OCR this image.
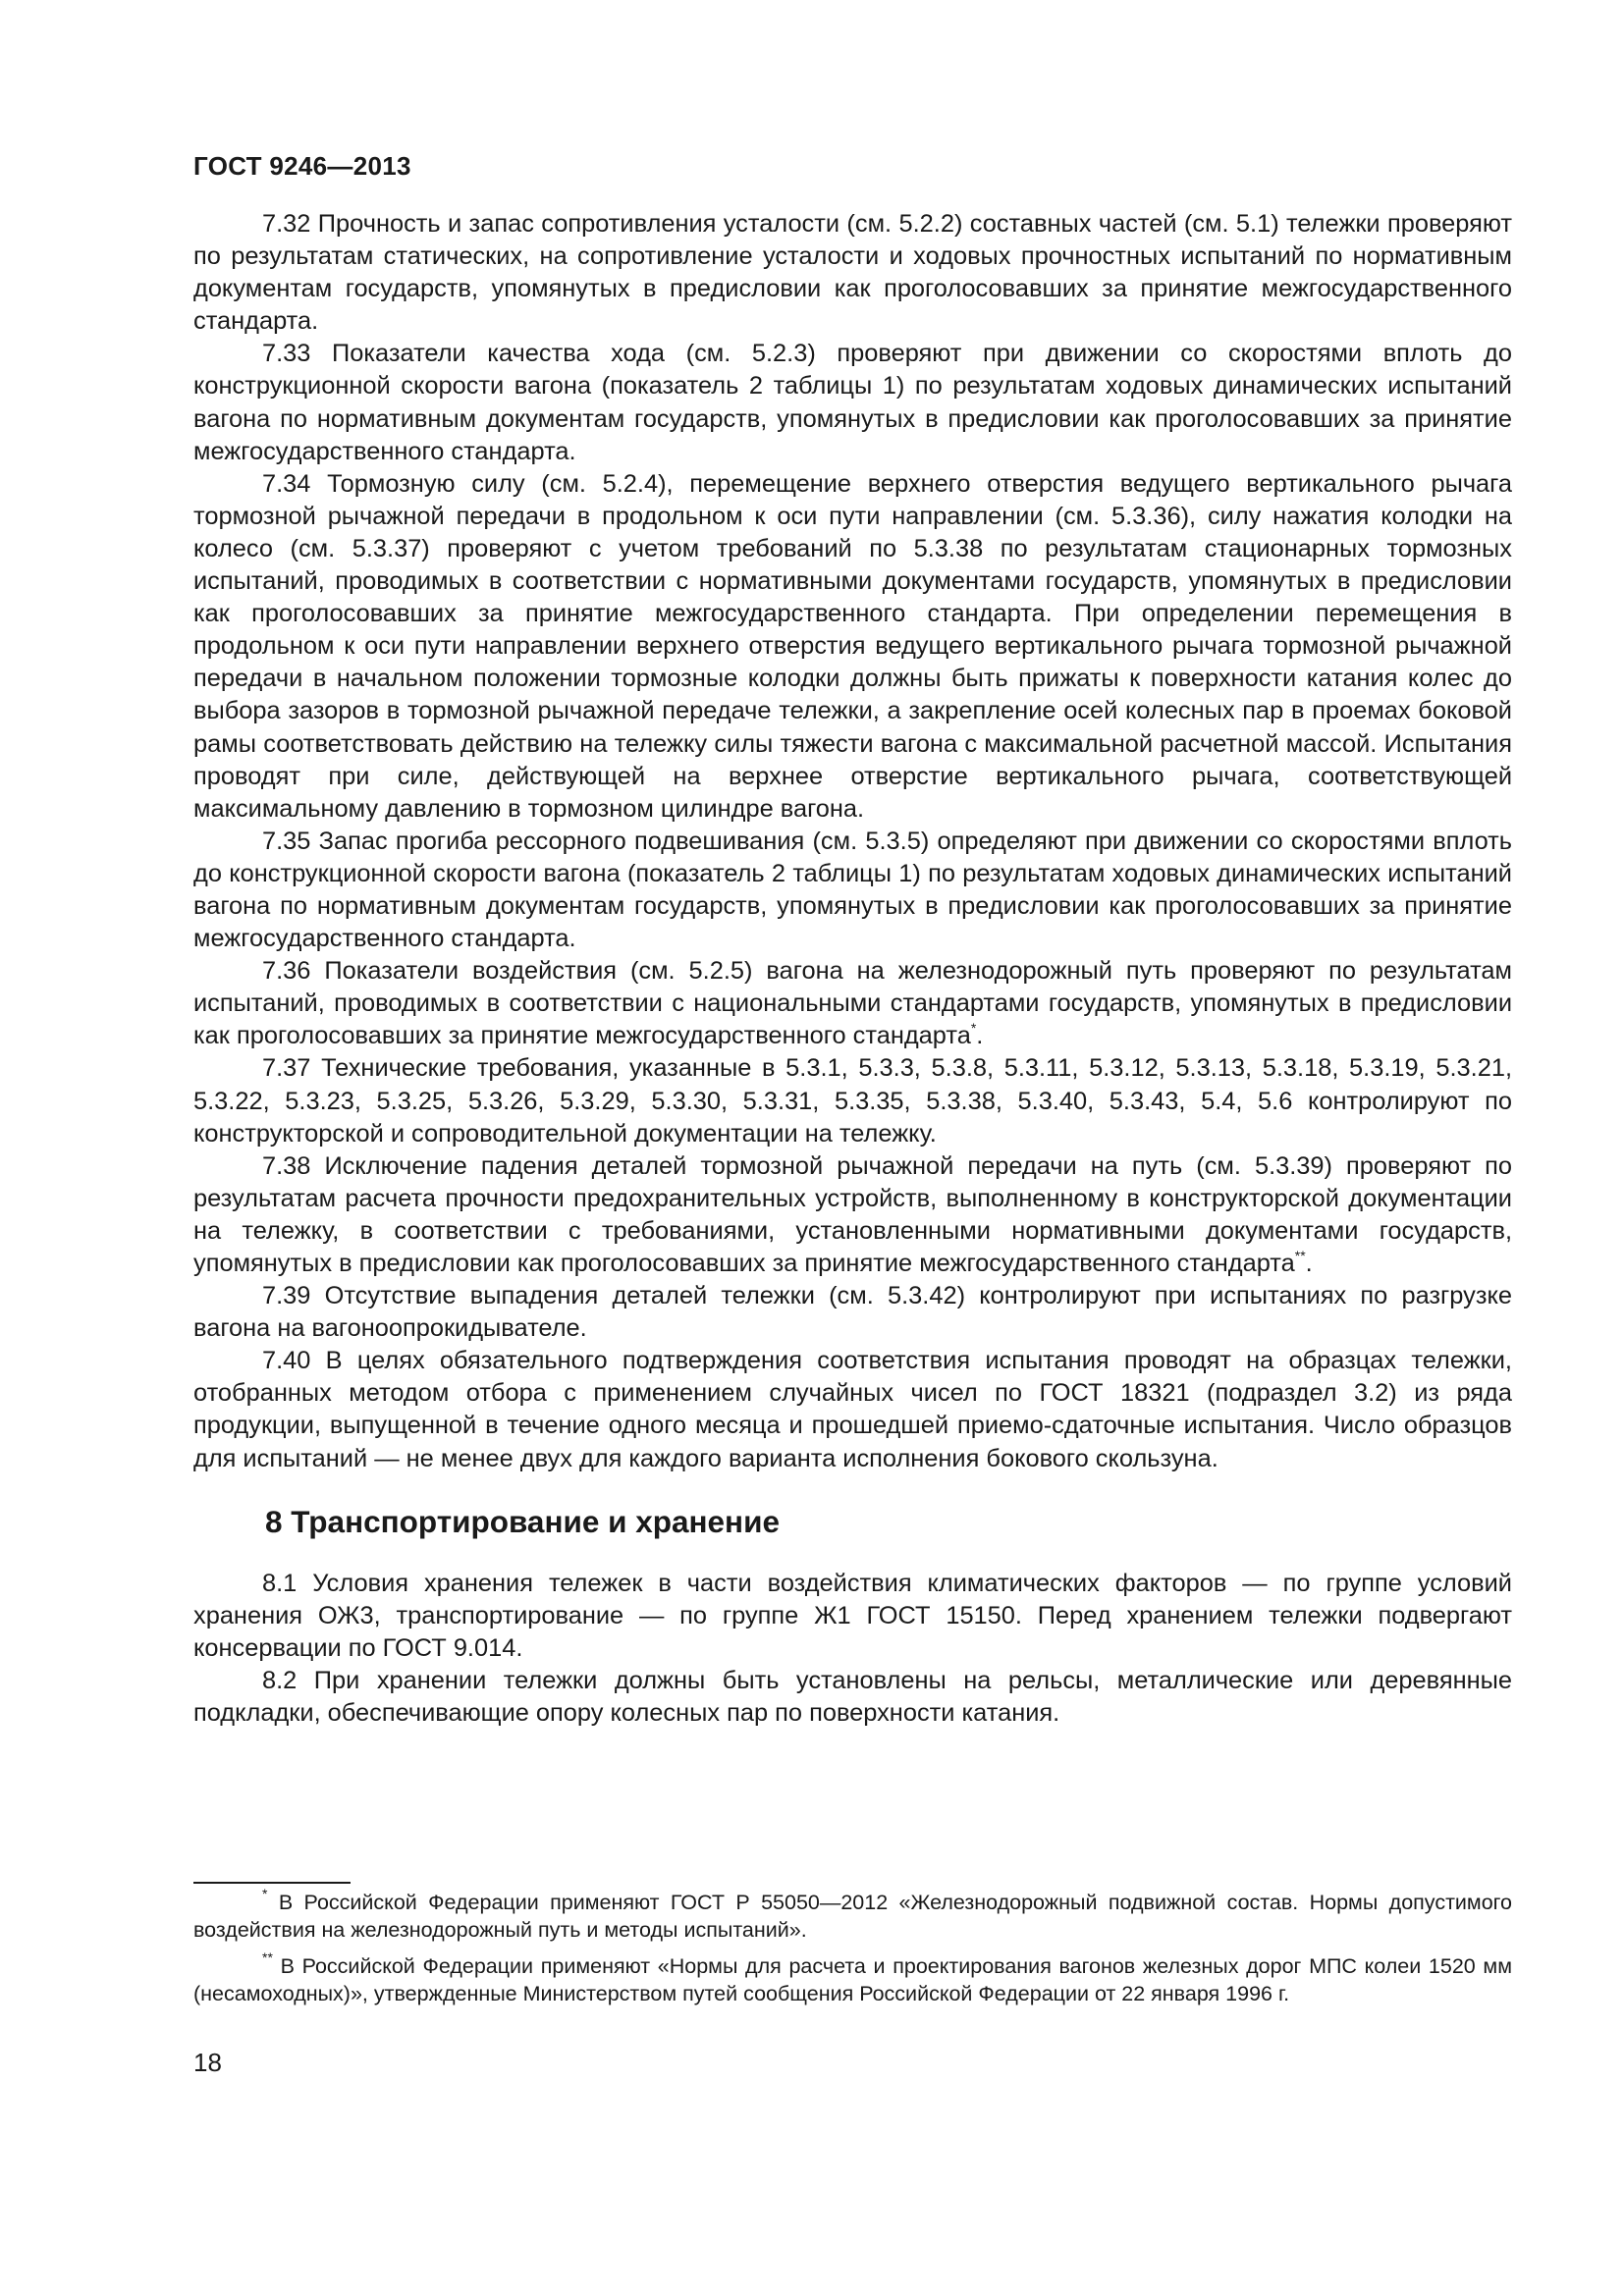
ГОСТ 9246—2013

7.32 Прочность и запас сопротивления усталости (см. 5.2.2) составных частей (см. 5.1) тележки проверяют по результатам статических, на сопротивление усталости и ходовых прочностных испытаний по нормативным документам государств, упомянутых в предисловии как проголосовавших за принятие межгосударственного стандарта.

7.33 Показатели качества хода (см. 5.2.3) проверяют при движении со скоростями вплоть до конструкционной скорости вагона (показатель 2 таблицы 1) по результатам ходовых динамических испытаний вагона по нормативным документам государств, упомянутых в предисловии как проголосовавших за принятие межгосударственного стандарта.

7.34 Тормозную силу (см. 5.2.4), перемещение верхнего отверстия ведущего вертикального рычага тормозной рычажной передачи в продольном к оси пути направлении (см. 5.3.36), силу нажатия колодки на колесо (см. 5.3.37) проверяют с учетом требований по 5.3.38 по результатам стационарных тормозных испытаний, проводимых в соответствии с нормативными документами государств, упомянутых в предисловии как проголосовавших за принятие межгосударственного стандарта. При определении перемещения в продольном к оси пути направлении верхнего отверстия ведущего вертикального рычага тормозной рычажной передачи в начальном положении тормозные колодки должны быть прижаты к поверхности катания колес до выбора зазоров в тормозной рычажной передаче тележки, а закрепление осей колесных пар в проемах боковой рамы соответствовать действию на тележку силы тяжести вагона с максимальной расчетной массой. Испытания проводят при силе, действующей на верхнее отверстие вертикального рычага, соответствующей максимальному давлению в тормозном цилиндре вагона.

7.35 Запас прогиба рессорного подвешивания (см. 5.3.5) определяют при движении со скоростями вплоть до конструкционной скорости вагона (показатель 2 таблицы 1) по результатам ходовых динамических испытаний вагона по нормативным документам государств, упомянутых в предисловии как проголосовавших за принятие межгосударственного стандарта.

7.36 Показатели воздействия (см. 5.2.5) вагона на железнодорожный путь проверяют по результатам испытаний, проводимых в соответствии с национальными стандартами государств, упомянутых в предисловии как проголосовавших за принятие межгосударственного стандарта*.

7.37 Технические требования, указанные в 5.3.1, 5.3.3, 5.3.8, 5.3.11, 5.3.12, 5.3.13, 5.3.18, 5.3.19, 5.3.21, 5.3.22, 5.3.23, 5.3.25, 5.3.26, 5.3.29, 5.3.30, 5.3.31, 5.3.35, 5.3.38, 5.3.40, 5.3.43, 5.4, 5.6 контролируют по конструкторской и сопроводительной документации на тележку.

7.38 Исключение падения деталей тормозной рычажной передачи на путь (см. 5.3.39) проверяют по результатам расчета прочности предохранительных устройств, выполненному в конструкторской документации на тележку, в соответствии с требованиями, установленными нормативными документами государств, упомянутых в предисловии как проголосовавших за принятие межгосударственного стандарта**.

7.39 Отсутствие выпадения деталей тележки (см. 5.3.42) контролируют при испытаниях по разгрузке вагона на вагоноопрокидывателе.

7.40 В целях обязательного подтверждения соответствия испытания проводят на образцах тележки, отобранных методом отбора с применением случайных чисел по ГОСТ 18321 (подраздел 3.2) из ряда продукции, выпущенной в течение одного месяца и прошедшей приемо-сдаточные испытания. Число образцов для испытаний — не менее двух для каждого варианта исполнения бокового скользуна.

8 Транспортирование и хранение

8.1 Условия хранения тележек в части воздействия климатических факторов — по группе условий хранения ОЖ3, транспортирование — по группе Ж1 ГОСТ 15150. Перед хранением тележки подвергают консервации по ГОСТ 9.014.

8.2 При хранении тележки должны быть установлены на рельсы, металлические или деревянные подкладки, обеспечивающие опору колесных пар по поверхности катания.

* В Российской Федерации применяют ГОСТ Р 55050—2012 «Железнодорожный подвижной состав. Нормы допустимого воздействия на железнодорожный путь и методы испытаний».

** В Российской Федерации применяют «Нормы для расчета и проектирования вагонов железных дорог МПС колеи 1520 мм (несамоходных)», утвержденные Министерством путей сообщения Российской Федерации от 22 января 1996 г.

18
